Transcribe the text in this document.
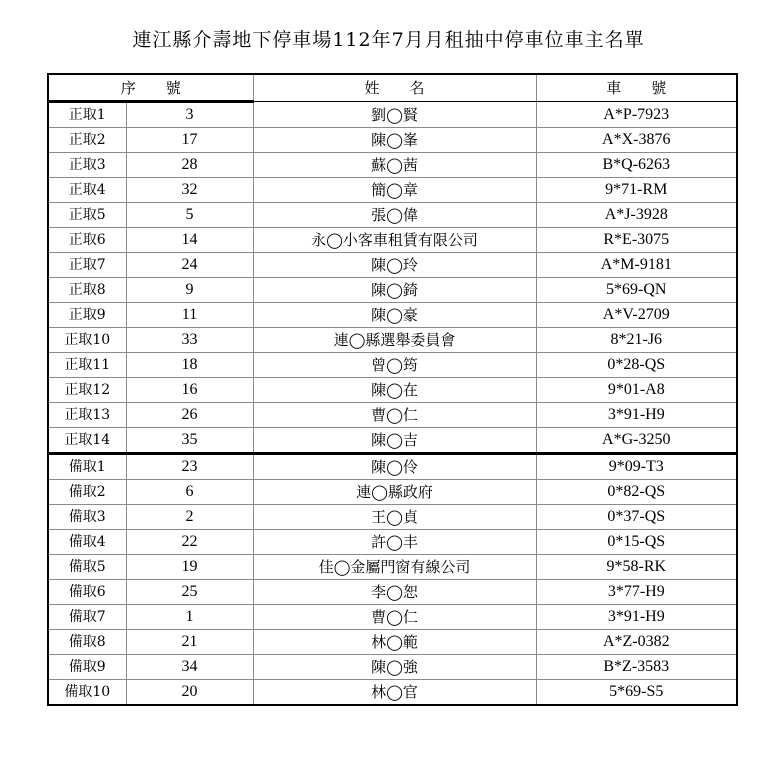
連江縣介壽地下停車場112年7月月租抽中停車位車主名單
序　　號		姓　　名	車　　號
正取1	3	劉◯賢	A*P-7923
正取2	17	陳◯峯	A*X-3876
正取3	28	蘇◯茜	B*Q-6263
正取4	32	簡◯章	9*71-RM
正取5	5	張◯偉	A*J-3928
正取6	14	永◯小客車租賃有限公司	R*E-3075
正取7	24	陳◯玲	A*M-9181
正取8	9	陳◯錡	5*69-QN
正取9	11	陳◯豪	A*V-2709
正取10	33	連◯縣選舉委員會	8*21-J6
正取11	18	曾◯筠	0*28-QS
正取12	16	陳◯在	9*01-A8
正取13	26	曹◯仁	3*91-H9
正取14	35	陳◯吉	A*G-3250
備取1	23	陳◯伶	9*09-T3
備取2	6	連◯縣政府	0*82-QS
備取3	2	王◯貞	0*37-QS
備取4	22	許◯丰	0*15-QS
備取5	19	佳◯金屬門窗有線公司	9*58-RK
備取6	25	李◯恕	3*77-H9
備取7	1	曹◯仁	3*91-H9
備取8	21	林◯範	A*Z-0382
備取9	34	陳◯強	B*Z-3583
備取10	20	林◯官	5*69-S5
